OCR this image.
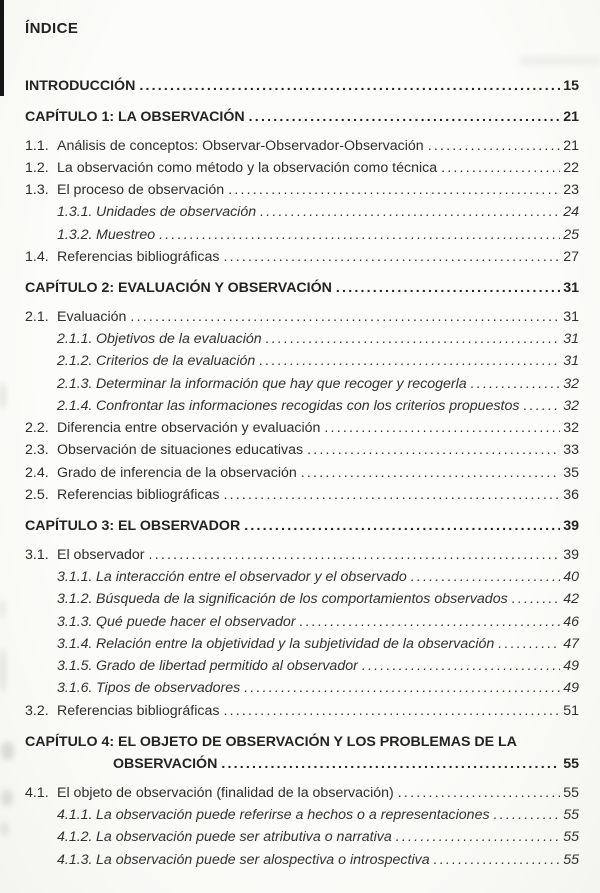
ÍNDICE
INTRODUCCIÓN .....	15
CAPÍTULO 1: LA OBSERVACIÓN .....	21
1.1. Análisis de conceptos: Observar-Observador-Observación .....	21
1.2. La observación como método y la observación como técnica .....	22
1.3. El proceso de observación .....	23
1.3.1. Unidades de observación .....	24
1.3.2. Muestreo .....	25
1.4. Referencias bibliográficas .....	27
CAPÍTULO 2: EVALUACIÓN Y OBSERVACIÓN .....	31
2.1. Evaluación .....	31
2.1.1. Objetivos de la evaluación .....	31
2.1.2. Criterios de la evaluación .....	31
2.1.3. Determinar la información que hay que recoger y recogerla .....	32
2.1.4. Confrontar las informaciones recogidas con los criterios propuestos .....	32
2.2. Diferencia entre observación y evaluación .....	32
2.3. Observación de situaciones educativas .....	33
2.4. Grado de inferencia de la observación .....	35
2.5. Referencias bibliográficas .....	36
CAPÍTULO 3: EL OBSERVADOR .....	39
3.1. El observador .....	39
3.1.1. La interacción entre el observador y el observado .....	40
3.1.2. Búsqueda de la significación de los comportamientos observados .....	42
3.1.3. Qué puede hacer el observador .....	46
3.1.4. Relación entre la objetividad y la subjetividad de la observación .....	47
3.1.5. Grado de libertad permitido al observador .....	49
3.1.6. Tipos de observadores .....	49
3.2. Referencias bibliográficas .....	51
CAPÍTULO 4: EL OBJETO DE OBSERVACIÓN Y LOS PROBLEMAS DE LA
OBSERVACIÓN .....	55
4.1. El objeto de observación (finalidad de la observación) .....	55
4.1.1. La observación puede referirse a hechos o a representaciones .....	55
4.1.2. La observación puede ser atributiva o narrativa .....	55
4.1.3. La observación puede ser alospectiva o introspectiva .....	55
